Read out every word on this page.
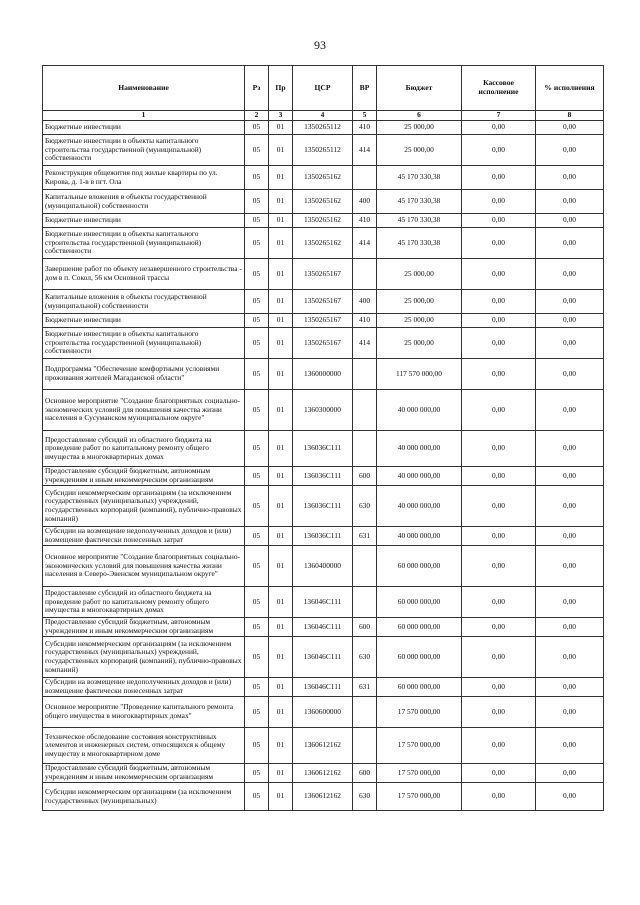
93
Наименование	Рз	Пр	ЦСР	ВР	Бюджет	Кассовое исполнение	% исполнения
1	2	3	4	5	6	7	8
Бюджетные инвестиции	05	01	1350265112	410	25 000,00	0,00	0,00
Бюджетные инвестиции в объекты капитального строительства государственной (муниципальной) собственности	05	01	1350265112	414	25 000,00	0,00	0,00
Реконструкция общежития под жилые квартиры по ул. Кирова, д. 1-в в пгт. Ола	05	01	1350265162		45 170 330,38	0,00	0,00
Капитальные вложения в объекты государственной (муниципальной) собственности	05	01	1350265162	400	45 170 330,38	0,00	0,00
Бюджетные инвестиции	05	01	1350265162	410	45 170 330,38	0,00	0,00
Бюджетные инвестиции в объекты капитального строительства государственной (муниципальной) собственности	05	01	1350265162	414	45 170 330,38	0,00	0,00
Завершение работ по объекту незавершенного строительства - дом в п. Сокол, 56 км Основной трассы	05	01	1350265167		25 000,00	0,00	0,00
Капитальные вложения в объекты государственной (муниципальной) собственности	05	01	1350265167	400	25 000,00	0,00	0,00
Бюджетные инвестиции	05	01	1350265167	410	25 000,00	0,00	0,00
Бюджетные инвестиции в объекты капитального строительства государственной (муниципальной) собственности	05	01	1350265167	414	25 000,00	0,00	0,00
Подпрограмма "Обеспечение комфортными условиями проживания жителей Магаданской области"	05	01	1360000000		117 570 000,00	0,00	0,00
Основное мероприятие "Создание благоприятных социально-экономических условий для повышения качества жизни населения в Сусуманском муниципальном округе"	05	01	1360300000		40 000 000,00	0,00	0,00
Предоставление субсидий из областного бюджета на проведение работ по капитальному ремонту общего имущества в многоквартирных домах	05	01	136036С111		40 000 000,00	0,00	0,00
Предоставление субсидий бюджетным, автономным учреждениям и иным некоммерческим организациям	05	01	136036С111	600	40 000 000,00	0,00	0,00
Субсидии некоммерческим организациям (за исключением государственных (муниципальных) учреждений, государственных корпораций (компаний), публично-правовых компаний)	05	01	136036С111	630	40 000 000,00	0,00	0,00
Субсидии на возмещение недополученных доходов и (или) возмещение фактически понесенных затрат	05	01	136036С111	631	40 000 000,00	0,00	0,00
Основное мероприятие "Создание благоприятных социально-экономических условий для повышения качества жизни населения в Северо-Эвенском муниципальном округе"	05	01	1360400000		60 000 000,00	0,00	0,00
Предоставление субсидий из областного бюджета на проведение работ по капитальному ремонту общего имущества в многоквартирных домах	05	01	136046С111		60 000 000,00	0,00	0,00
Предоставление субсидий бюджетным, автономным учреждениям и иным некоммерческим организациям	05	01	136046С111	600	60 000 000,00	0,00	0,00
Субсидии некоммерческим организациям (за исключением государственных (муниципальных) учреждений, государственных корпораций (компаний), публично-правовых компаний)	05	01	136046С111	630	60 000 000,00	0,00	0,00
Субсидии на возмещение недополученных доходов и (или) возмещение фактически понесенных затрат	05	01	136046С111	631	60 000 000,00	0,00	0,00
Основное мероприятие "Проведение капитального ремонта общего имущества в многоквартирных домах"	05	01	1360600000		17 570 000,00	0,00	0,00
Техническое обследование состояния конструктивных элементов и инженерных систем, относящихся к общему имуществу в многоквартирном доме	05	01	1360612162		17 570 000,00	0,00	0,00
Предоставление субсидий бюджетным, автономным учреждениям и иным некоммерческим организациям	05	01	1360612162	600	17 570 000,00	0,00	0,00
Субсидии некоммерческим организациям (за исключением государственных (муниципальных)	05	01	1360612162	630	17 570 000,00	0,00	0,00
